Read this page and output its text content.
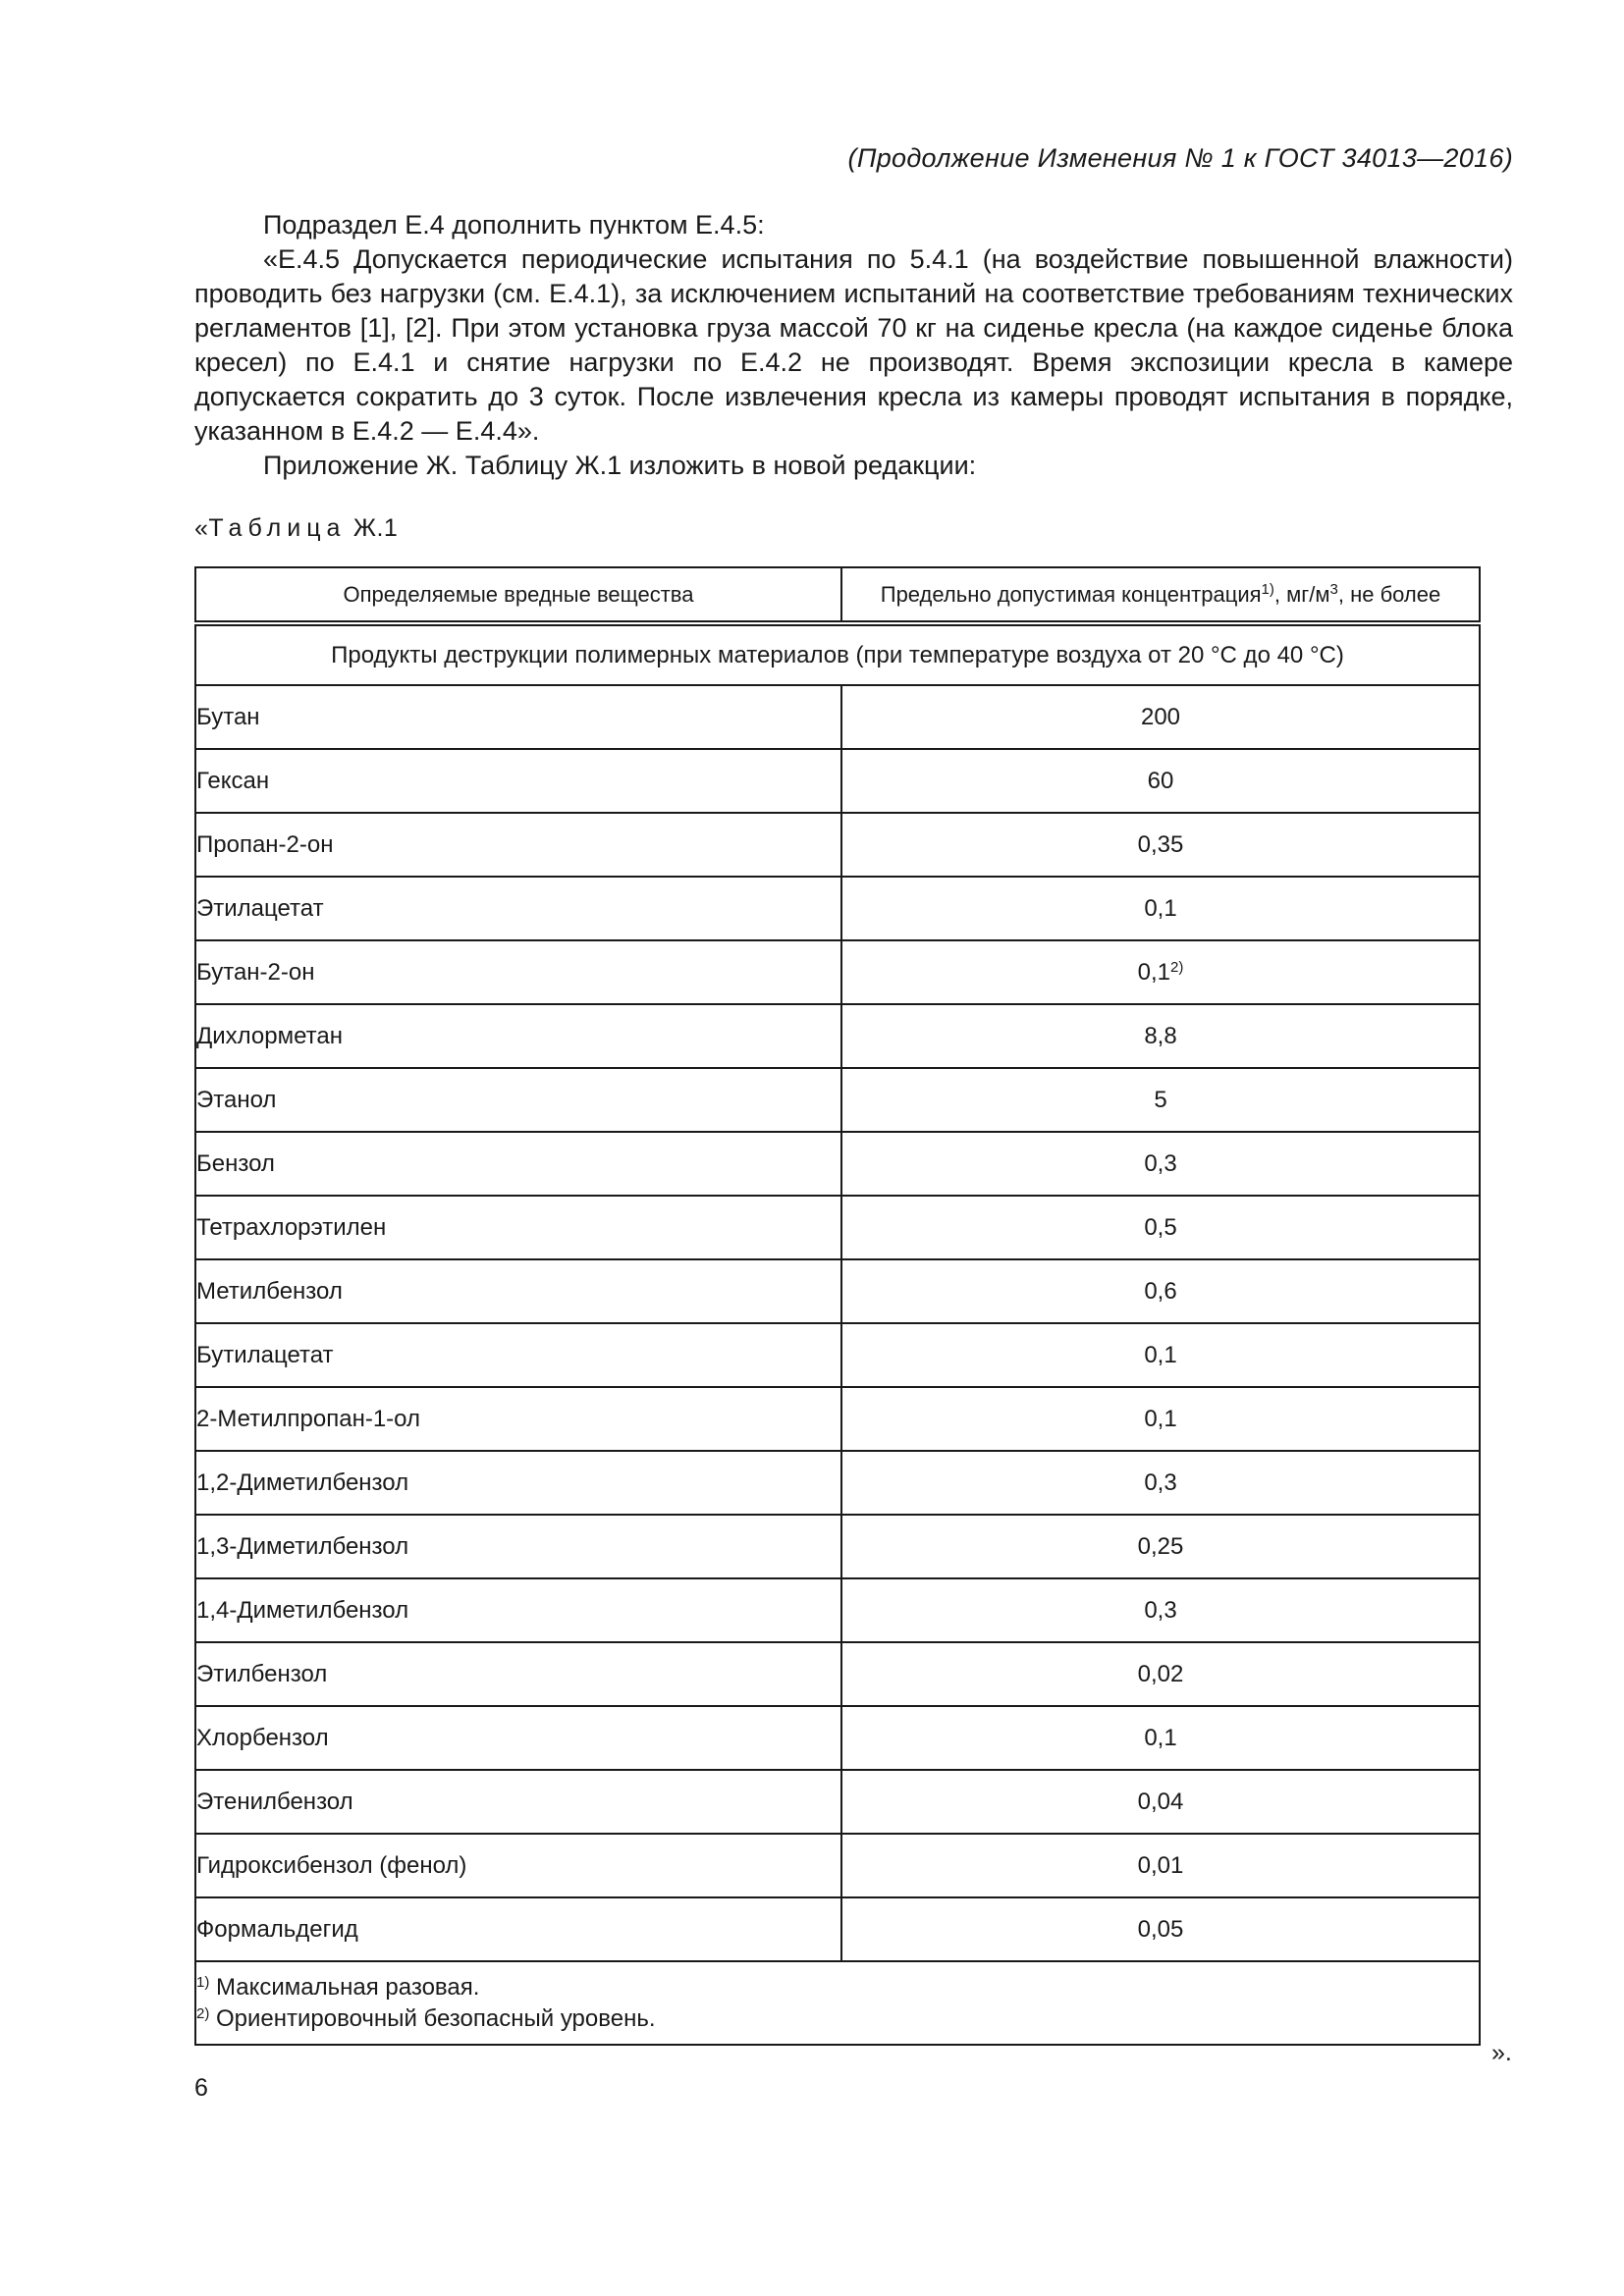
(Продолжение Изменения № 1 к ГОСТ 34013—2016)

Подраздел Е.4 дополнить пунктом Е.4.5:

«Е.4.5 Допускается периодические испытания по 5.4.1 (на воздействие повышенной влажности) проводить без нагрузки (см. Е.4.1), за исключением испытаний на соответствие требованиям технических регламентов [1], [2]. При этом установка груза массой 70 кг на сиденье кресла (на каждое сиденье блока кресел) по Е.4.1 и снятие нагрузки по Е.4.2 не производят. Время экспозиции кресла в камере допускается сократить до 3 суток. После извлечения кресла из камеры проводят испытания в порядке, указанном в Е.4.2 — Е.4.4».

Приложение Ж. Таблицу Ж.1 изложить в новой редакции:

«Таблица Ж.1
Определяемые вредные вещества	Предельно допустимая концентрация$^{1)}$, $мг/м^3$, не более
Продукты деструкции полимерных материалов (при температуре воздуха от 20 °С до 40 °С)	
Бутан	200
Гексан	60
Пропан-2-он	0,35
Этилацетат	0,1
Бутан-2-он	0,1$^{2)}$
Дихлорметан	8,8
Этанол	5
Бензол	0,3
Тетрахлорэтилен	0,5
Метилбензол	0,6
Бутилацетат	0,1
2-Метилпропан-1-ол	0,1
1,2-Диметилбензол	0,3
1,3-Диметилбензол	0,25
1,4-Диметилбензол	0,3
Этилбензол	0,02
Хлорбензол	0,1
Этенилбензол	0,04
Гидроксибензол (фенол)	0,01
Формальдегид	0,05

$^{1)}$ Максимальная разовая.
$^{2)}$ Ориентировочный безопасный уровень.	
».
6
